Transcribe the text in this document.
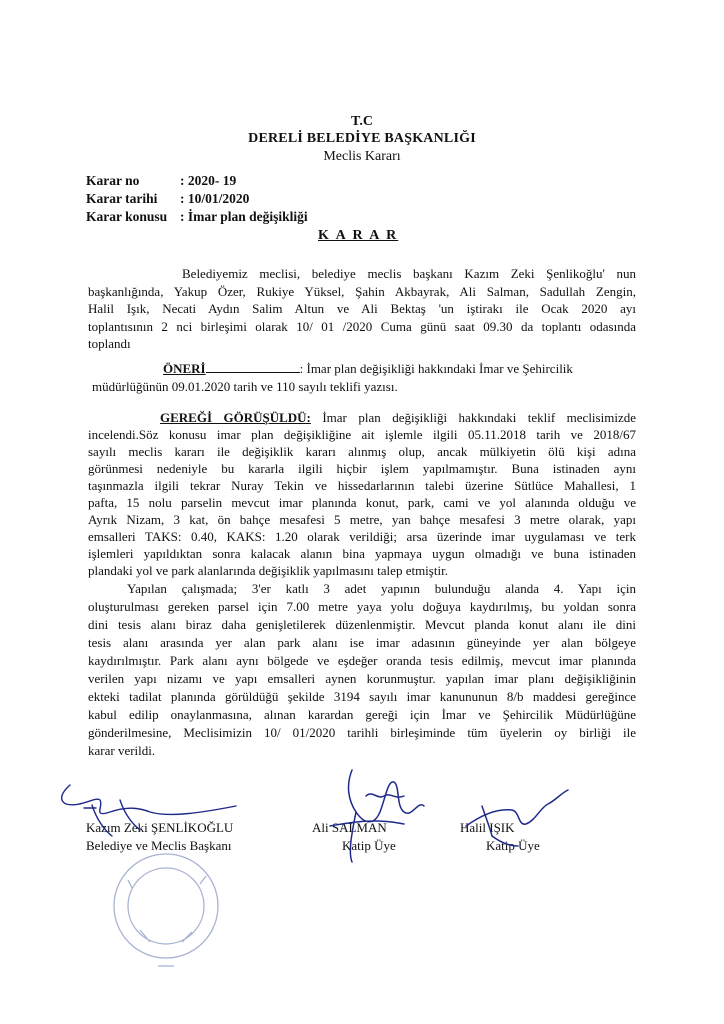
T.C
DERELİ BELEDİYE BAŞKANLIĞI
Meclis Kararı
Karar no	: 2020- 19
Karar tarihi : 10/01/2020
Karar konusu : İmar plan değişikliği
K A R A R
Belediyemiz meclisi, belediye meclis başkanı Kazım Zeki Şenlikoğlu' nun
başkanlığında, Yakup Özer, Rukiye Yüksel, Şahin Akbayrak, Ali Salman, Sadullah Zengin,
Halil Işık, Necati Aydın Salim Altun ve Ali Bektaş 'un iştirakı ile Ocak 2020 ayı
toplantısının 2 nci birleşimi olarak 10/ 01 /2020 Cuma günü saat 09.30 da toplantı odasında
toplandı
ÖNERİ	: İmar plan değişikliği hakkındaki İmar ve Şehircilik
müdürlüğünün 09.01.2020 tarih ve 110 sayılı teklifi yazısı.
GEREĞİ GÖRÜŞÜLDÜ: İmar plan değişikliği hakkındaki teklif meclisimizde
incelendi.Söz konusu imar plan değişikliğine ait işlemle ilgili 05.11.2018 tarih ve 2018/67
sayılı meclis kararı ile değişiklik kararı alınmış olup, ancak mülkiyetin ölü kişi adına
görünmesi nedeniyle bu kararla ilgili hiçbir işlem yapılmamıştır. Buna istinaden aynı
taşınmazla ilgili tekrar Nuray Tekin ve hissedarlarının talebi üzerine Sütlüce Mahallesi, 1
pafta, 15 nolu parselin mevcut imar planında konut, park, cami ve yol alanında olduğu ve
Ayrık Nizam, 3 kat, ön bahçe mesafesi 5 metre, yan bahçe mesafesi 3 metre olarak, yapı
emsalleri TAKS: 0.40, KAKS: 1.20 olarak verildiği; arsa üzerinde imar uygulaması ve terk
işlemleri yapıldıktan sonra kalacak alanın bina yapmaya uygun olmadığı ve buna istinaden
plandaki yol ve park alanlarında değişiklik yapılmasını talep etmiştir.
Yapılan çalışmada; 3'er katlı 3 adet yapının bulunduğu alanda 4. Yapı için
oluşturulması gereken parsel için 7.00 metre yaya yolu doğuya kaydırılmış, bu yoldan sonra
dini tesis alanı biraz daha genişletilerek düzenlenmiştir. Mevcut planda konut alanı ile dini
tesis alanı arasında yer alan park alanı ise imar adasının güneyinde yer alan bölgeye
kaydırılmıştır. Park alanı aynı bölgede ve eşdeğer oranda tesis edilmiş, mevcut imar planında
verilen yapı nizamı ve yapı emsalleri aynen korunmuştur. yapılan imar planı değişikliğinin
ekteki tadilat planında görüldüğü şekilde 3194 sayılı imar kanununun 8/b maddesi gereğince
kabul edilip onaylanmasına, alınan karardan gereği için İmar ve Şehircilik Müdürlüğüne
gönderilmesine, Meclisimizin 10/ 01/2020 tarihli birleşiminde tüm üyelerin oy birliği ile
karar verildi.
Kazım Zeki ŞENLİKOĞLU
Belediye ve Meclis Başkanı
Ali SALMAN
Katip Üye
Halil IŞIK
Katip Üye
